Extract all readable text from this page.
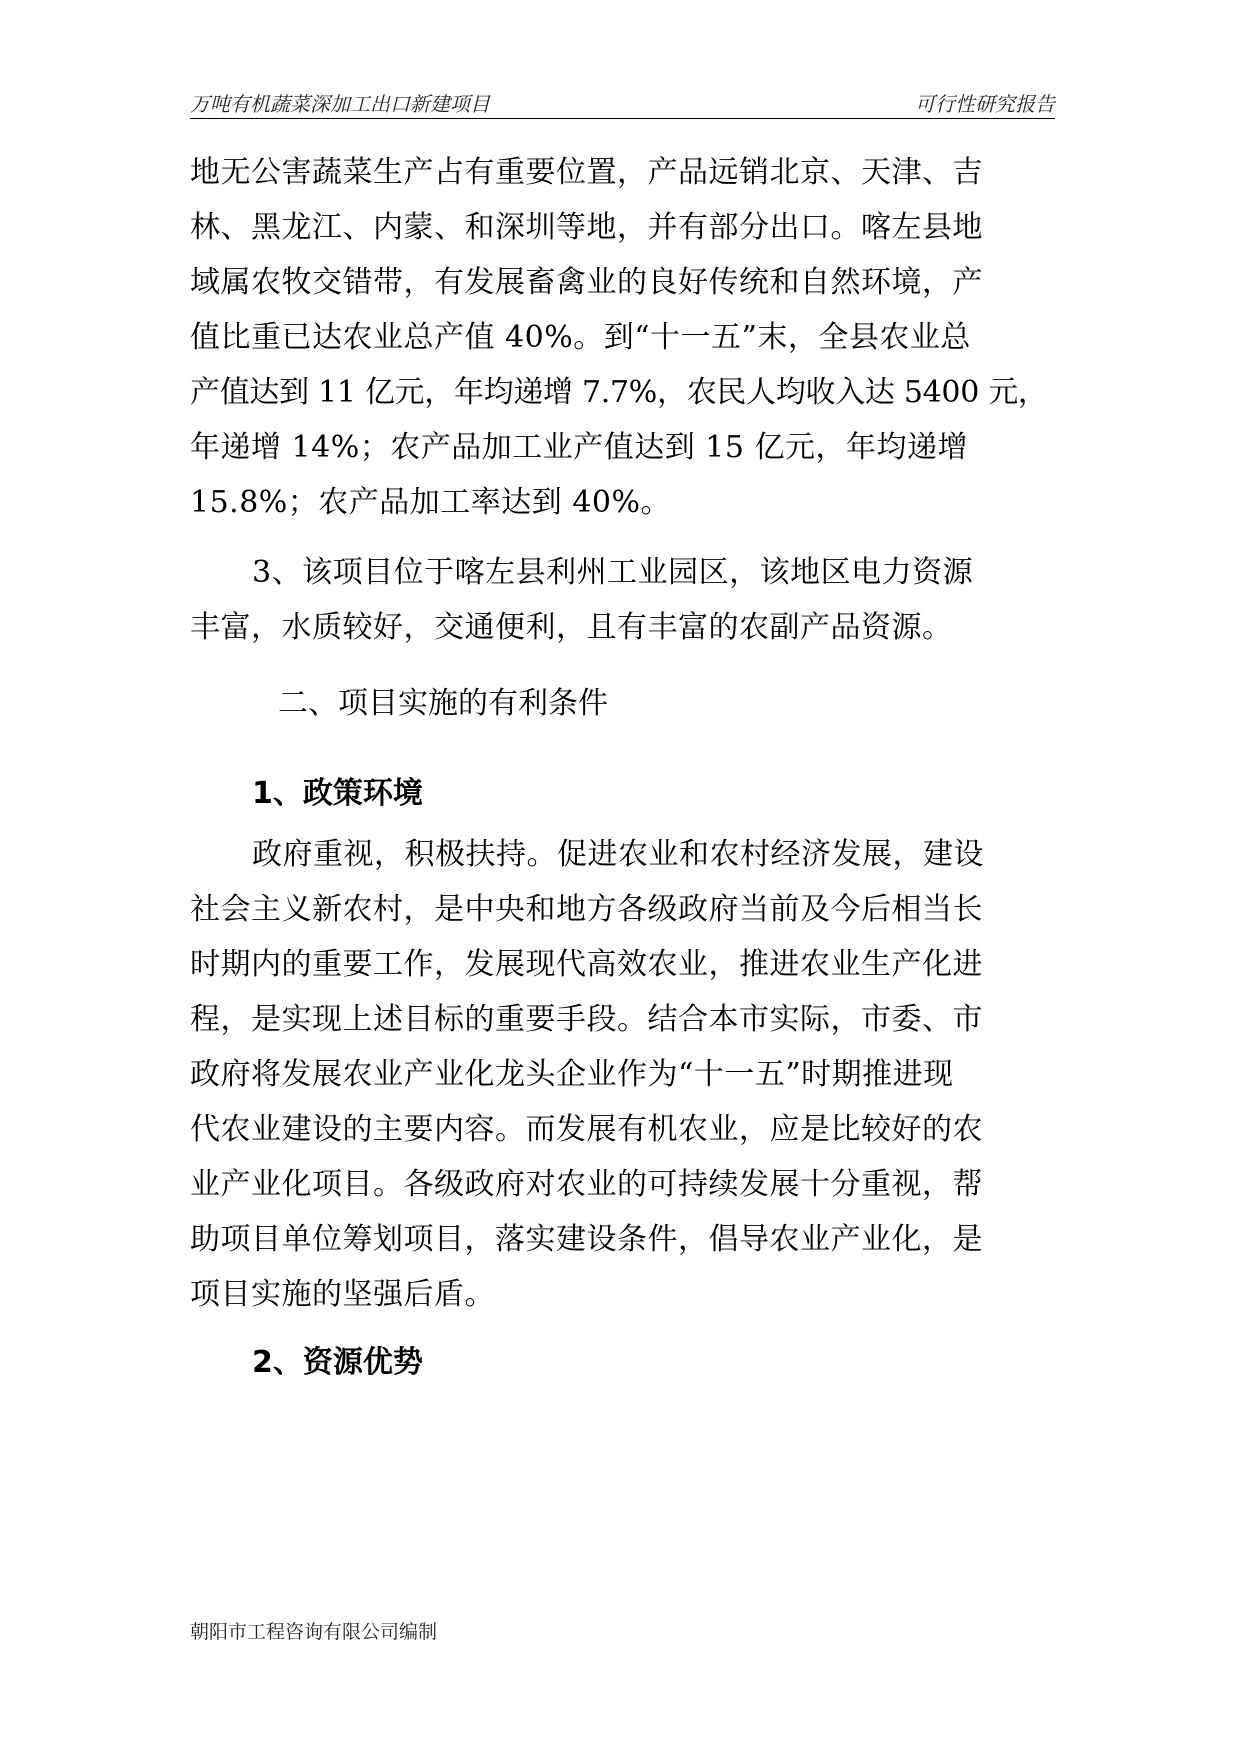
万吨有机蔬菜深加工出口新建项目	可行性研究报告
地无公害蔬菜生产占有重要位置，产品远销北京、天津、吉
林、黑龙江、内蒙、和深圳等地，并有部分出口。喀左县地
域属农牧交错带，有发展畜禽业的良好传统和自然环境，产
值比重已达农业总产值 40%。到“十一五”末，全县农业总
产值达到 11 亿元，年均递增 7.7%，农民人均收入达 5400 元，
年递增 14%；农产品加工业产值达到 15 亿元，年均递增
15.8%；农产品加工率达到 40%。
3、该项目位于喀左县利州工业园区，该地区电力资源
丰富，水质较好，交通便利，且有丰富的农副产品资源。
二、项目实施的有利条件
1、政策环境
政府重视，积极扶持。促进农业和农村经济发展，建设
社会主义新农村，是中央和地方各级政府当前及今后相当长
时期内的重要工作，发展现代高效农业，推进农业生产化进
程，是实现上述目标的重要手段。结合本市实际，市委、市
政府将发展农业产业化龙头企业作为“十一五”时期推进现
代农业建设的主要内容。而发展有机农业，应是比较好的农
业产业化项目。各级政府对农业的可持续发展十分重视，帮
助项目单位筹划项目，落实建设条件，倡导农业产业化，是
项目实施的坚强后盾。
2、资源优势
朝阳市工程咨询有限公司编制
